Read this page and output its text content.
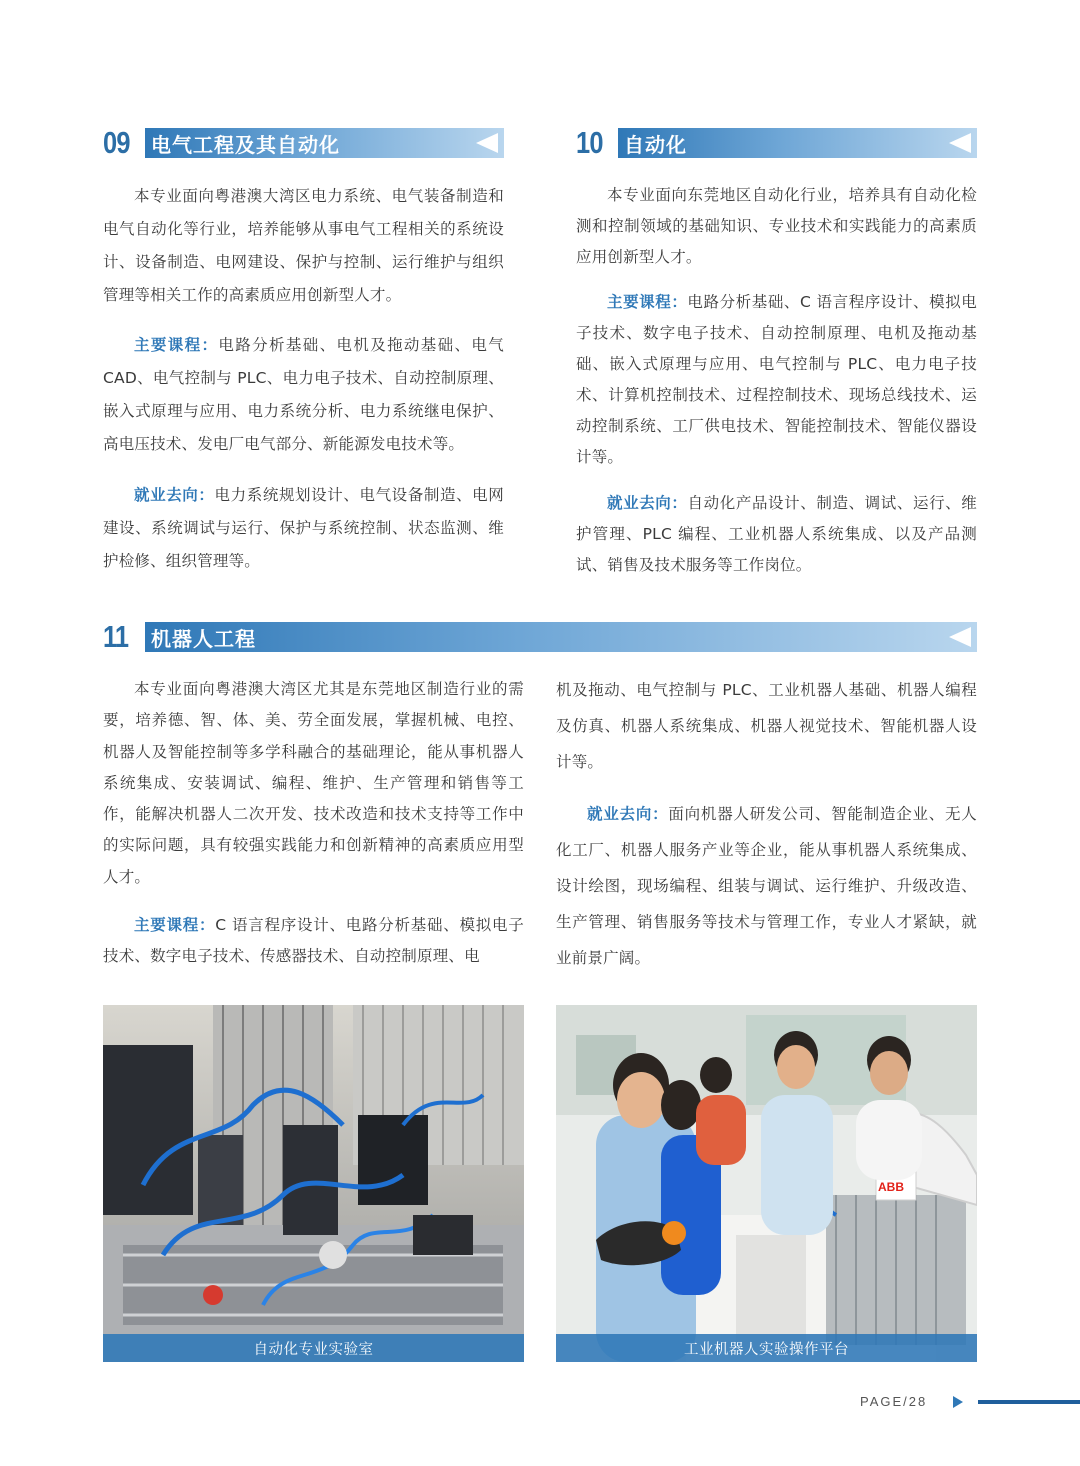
09	电气工程及其自动化

本专业面向粤港澳大湾区电力系统、电气装备制造和电气自动化等行业，培养能够从事电气工程相关的系统设计、设备制造、电网建设、保护与控制、运行维护与组织管理等相关工作的高素质应用创新型人才。

主要课程：电路分析基础、电机及拖动基础、电气CAD、电气控制与 PLC、电力电子技术、自动控制原理、嵌入式原理与应用、电力系统分析、电力系统继电保护、高电压技术、发电厂电气部分、新能源发电技术等。

就业去向：电力系统规划设计、电气设备制造、电网建设、系统调试与运行、保护与系统控制、状态监测、维护检修、组织管理等。

10	自动化

本专业面向东莞地区自动化行业，培养具有自动化检测和控制领域的基础知识、专业技术和实践能力的高素质应用创新型人才。

主要课程：电路分析基础、C 语言程序设计、模拟电子技术、数字电子技术、自动控制原理、电机及拖动基础、嵌入式原理与应用、电气控制与 PLC、电力电子技术、计算机控制技术、过程控制技术、现场总线技术、运动控制系统、工厂供电技术、智能控制技术、智能仪器设计等。

就业去向：自动化产品设计、制造、调试、运行、维 护管理、PLC 编程、工业机器人系统集成、以及产品测试、销售及技术服务等工作岗位。

11	机器人工程

本专业面向粤港澳大湾区尤其是东莞地区制造行业的需要，培养德、智、体、美、劳全面发展，掌握机械、电控、机器人及智能控制等多学科融合的基础理论，能从事机器人系统集成、安装调试、编程、维护、生产管理和销售等工作，能解决机器人二次开发、技术改造和技术支持等工作中的实际问题，具有较强实践能力和创新精神的高素质应用型人才。

主要课程：C 语言程序设计、电路分析基础、模拟电子技术、数字电子技术、传感器技术、自动控制原理、电

机及拖动、电气控制与 PLC、工业机器人基础、机器人编程及仿真、机器人系统集成、机器人视觉技术、智能机器人设计等。

就业去向：面向机器人研发公司、智能制造企业、无人化工厂、机器人服务产业等企业，能从事机器人系统集成、设计绘图，现场编程、组装与调试、运行维护、升级改造、生产管理、销售服务等技术与管理工作，专业人才紧缺，就业前景广阔。

自动化专业实验室
ABB
工业机器人实验操作平台
PAGE/28
